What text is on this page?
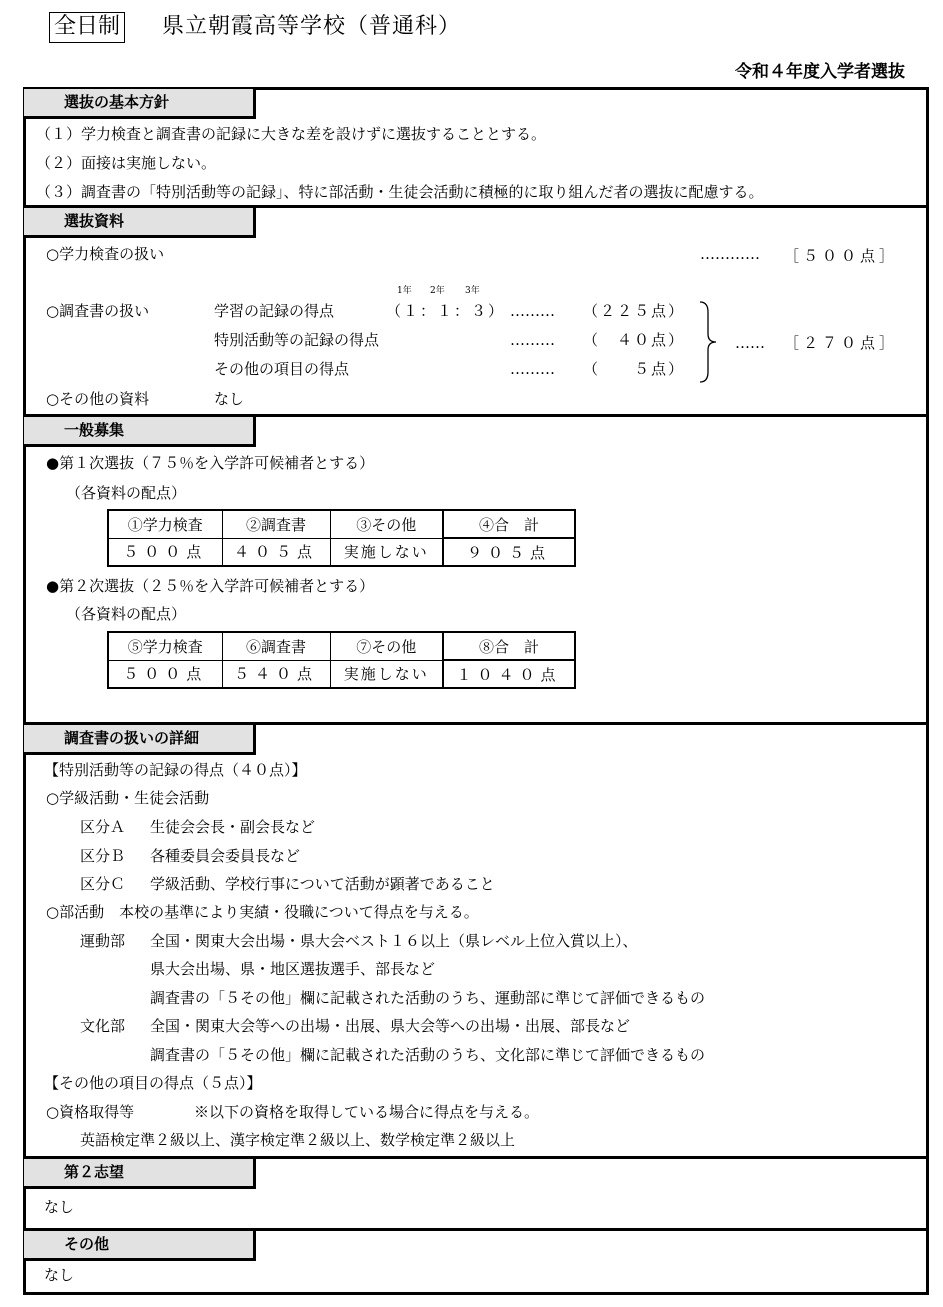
全日制 県立朝霞高等学校（普通科）
令和４年度入学者選抜
選抜の基本方針
（１）学力検査と調査書の記録に大きな差を設けずに選抜することとする。
（２）面接は実施しない。
（３）調査書の「特別活動等の記録」、特に部活動・生徒会活動に積極的に取り組んだ者の選抜に配慮する。
選抜資料
○学力検査の扱い	………… ［５００点］
1年 2年 3年
○調査書の扱い	学習の記録の得点	（１：１：３） ……… （２２５点）
特別活動等の記録の得点	……… （　４０点）
その他の項目の得点	……… （　　５点）
…… ［２７０点］
○その他の資料	なし
一般募集
●第１次選抜（７５％を入学許可候補者とする）
（各資料の配点）
①学力検査	②調査書	③その他	④合　計
５００点	４０５点	実施しない	９０５点
●第２次選抜（２５％を入学許可候補者とする）
（各資料の配点）
⑤学力検査	⑥調査書	⑦その他	⑧合　計
５００点	５４０点	実施しない	１０４０点
調査書の扱いの詳細
【特別活動等の記録の得点（４０点）】
○学級活動・生徒会活動
区分Ａ 生徒会会長・副会長など
区分Ｂ 各種委員会委員長など
区分Ｃ 学級活動、学校行事について活動が顕著であること
○部活動　本校の基準により実績・役職について得点を与える。
運動部 全国・関東大会出場・県大会ベスト１６以上（県レベル上位入賞以上）、
県大会出場、県・地区選抜選手、部長など
調査書の「５その他」欄に記載された活動のうち、運動部に準じて評価できるもの
文化部 全国・関東大会等への出場・出展、県大会等への出場・出展、部長など
調査書の「５その他」欄に記載された活動のうち、文化部に準じて評価できるもの
【その他の項目の得点（５点）】
○資格取得等	※以下の資格を取得している場合に得点を与える。
英語検定準２級以上、漢字検定準２級以上、数学検定準２級以上
第２志望
なし
その他
なし
